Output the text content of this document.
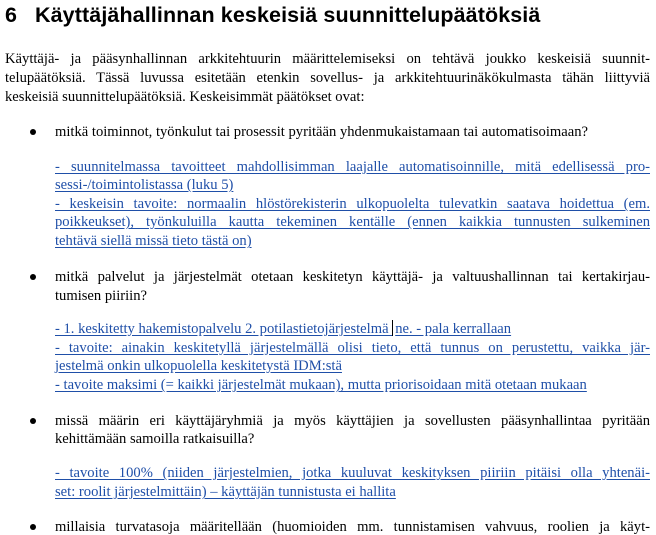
6 Käyttäjähallinnan keskeisiä suunnittelupäätöksiä
Käyttäjä- ja pääsynhallinnan arkkitehtuurin määrittelemiseksi on tehtävä joukko keskeisiä suunnit-
telupäätöksiä. Tässä luvussa esitetään etenkin sovellus- ja arkkitehtuurinäkökulmasta tähän liittyviä
keskeisiä suunnittelupäätöksiä. Keskeisimmät päätökset ovat:
mitkä toiminnot, työnkulut tai prosessit pyritään yhdenmukaistamaan tai automatisoimaan?
- suunnitelmassa tavoitteet mahdollisimman laajalle automatisoinnille, mitä edellisessä pro-
sessi-/toimintolistassa (luku 5)
- keskeisin tavoite: normaalin hlöstörekisterin ulkopuolelta tulevatkin saatava hoidettua (em.
poikkeukset), työnkuluilla kautta tekeminen kentälle (ennen kaikkia tunnusten sulkeminen
tehtävä siellä missä tieto tästä on)
mitkä palvelut ja järjestelmät otetaan keskitetyn käyttäjä- ja valtuushallinnan tai kertakirjau-
tumisen piiriin?
- 1. keskitetty hakemistopalvelu 2. potilastietojärjestelmä ne. - pala kerrallaan
- tavoite: ainakin keskitetyllä järjestelmällä olisi tieto, että tunnus on perustettu, vaikka jär-
jestelmä onkin ulkopuolella keskitetystä IDM:stä
- tavoite maksimi (= kaikki järjestelmät mukaan), mutta priorisoidaan mitä otetaan mukaan
missä määrin eri käyttäjäryhmiä ja myös käyttäjien ja sovellusten pääsynhallintaa pyritään
kehittämään samoilla ratkaisuilla?
- tavoite 100% (niiden järjestelmien, jotka kuuluvat keskityksen piiriin pitäisi olla yhtenäi-
set: roolit järjestelmittäin) – käyttäjän tunnistusta ei hallita
millaisia turvatasoja määritellään (huomioiden mm. tunnistamisen vahvuus, roolien ja käyt-
